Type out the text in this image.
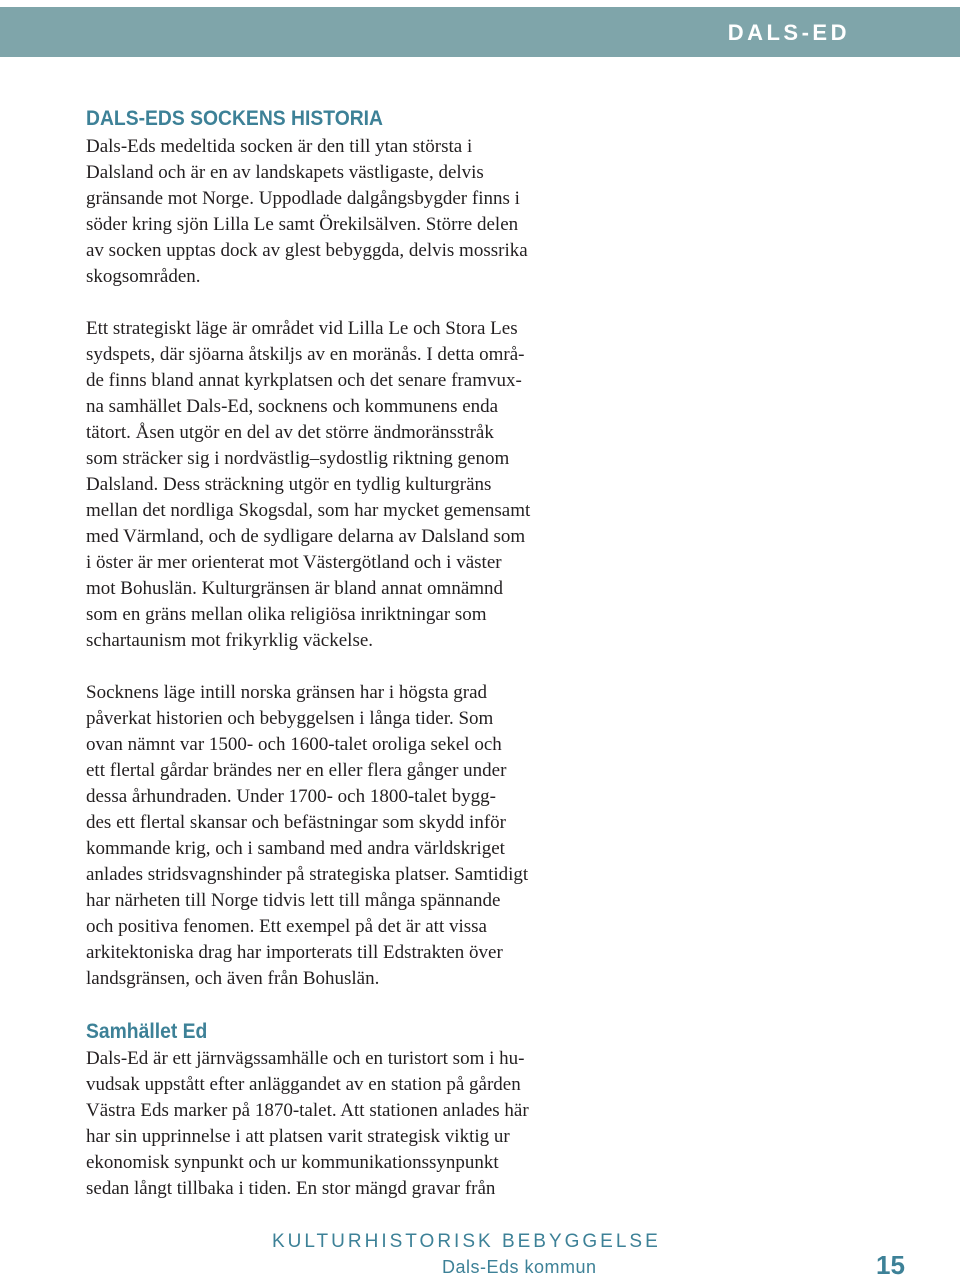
DALS-ED
DALS-EDS SOCKENS HISTORIA

Dals-Eds medeltida socken är den till ytan största i

Dalsland och är en av landskapets västligaste, delvis

gränsande mot Norge. Uppodlade dalgångsbygder finns i

söder kring sjön Lilla Le samt Örekilsälven. Större delen

av socken upptas dock av glest bebyggda, delvis mossrika

skogsområden.

Ett strategiskt läge är området vid Lilla Le och Stora Les

sydspets, där sjöarna åtskiljs av en moränås. I detta områ-

de finns bland annat kyrkplatsen och det senare framvux-

na samhället Dals-Ed, socknens och kommunens enda

tätort. Åsen utgör en del av det större ändmoränsstråk

som sträcker sig i nordvästlig–sydostlig riktning genom

Dalsland. Dess sträckning utgör en tydlig kulturgräns

mellan det nordliga Skogsdal, som har mycket gemensamt

med Värmland, och de sydligare delarna av Dalsland som

i öster är mer orienterat mot Västergötland och i väster

mot Bohuslän. Kulturgränsen är bland annat omnämnd

som en gräns mellan olika religiösa inriktningar som

schartaunism mot frikyrklig väckelse.

Socknens läge intill norska gränsen har i högsta grad

påverkat historien och bebyggelsen i långa tider. Som

ovan nämnt var 1500- och 1600-talet oroliga sekel och

ett flertal gårdar brändes ner en eller flera gånger under

dessa århundraden. Under 1700- och 1800-talet bygg-

des ett flertal skansar och befästningar som skydd inför

kommande krig, och i samband med andra världskriget

anlades stridsvagnshinder på strategiska platser. Samtidigt

har närheten till Norge tidvis lett till många spännande

och positiva fenomen. Ett exempel på det är att vissa

arkitektoniska drag har importerats till Edstrakten över

landsgränsen, och även från Bohuslän.

Samhället Ed

Dals-Ed är ett järnvägssamhälle och en turistort som i hu-

vudsak uppstått efter anläggandet av en station på gården

Västra Eds marker på 1870-talet. Att stationen anlades här

har sin upprinnelse i att platsen varit strategisk viktig ur

ekonomisk synpunkt och ur kommunikationssynpunkt

sedan långt tillbaka i tiden. En stor mängd gravar från

KULTURHISTORISK BEBYGGELSE
Dals-Eds kommun	15
